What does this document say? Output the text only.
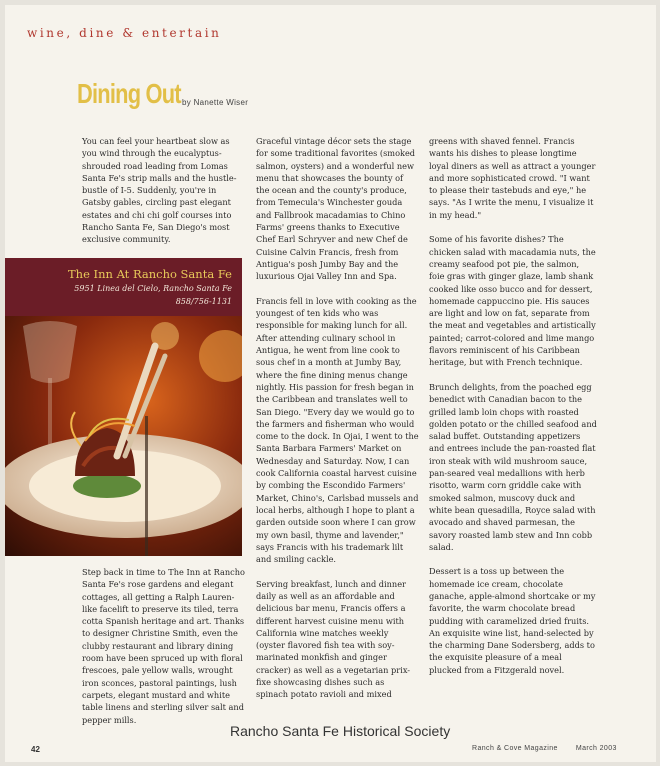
wine, dine & entertain
Dining Out by Nanette Wiser

You can feel your heartbeat slow as you wind through the eucalyptus-shrouded road leading from Lomas Santa Fe's strip malls and the hustle-bustle of I-5. Suddenly, you're in Gatsby gables, circling past elegant estates and chi chi golf courses into Rancho Santa Fe, San Diego's most exclusive community.

The Inn At Rancho Santa Fe
5951 Linea del Cielo, Rancho Santa Fe
858/756-1131

Step back in time to The Inn at Rancho Santa Fe's rose gardens and elegant cottages, all getting a Ralph Lauren-like facelift to preserve its tiled, terra cotta Spanish heritage and art. Thanks to designer Christine Smith, even the clubby restaurant and library dining room have been spruced up with floral frescoes, pale yellow walls, wrought iron sconces, pastoral paintings, lush carpets, elegant mustard and white table linens and sterling silver salt and pepper mills.

Graceful vintage décor sets the stage for some traditional favorites (smoked salmon, oysters) and a wonderful new menu that showcases the bounty of the ocean and the county's produce, from Temecula's Winchester gouda and Fallbrook macadamias to Chino Farms' greens thanks to Executive Chef Earl Schryver and new Chef de Cuisine Calvin Francis, fresh from Antigua's posh Jumby Bay and the luxurious Ojai Valley Inn and Spa.

Francis fell in love with cooking as the youngest of ten kids who was responsible for making lunch for all. After attending culinary school in Antigua, he went from line cook to sous chef in a month at Jumby Bay, where the fine dining menus change nightly. His passion for fresh began in the Caribbean and translates well to San Diego. "Every day we would go to the farmers and fisherman who would come to the dock. In Ojai, I went to the Santa Barbara Farmers' Market on Wednesday and Saturday. Now, I can cook California coastal harvest cuisine by combing the Escondido Farmers' Market, Chino's, Carlsbad mussels and local herbs, although I hope to plant a garden outside soon where I can grow my own basil, thyme and lavender," says Francis with his trademark lilt and smiling cackle.

Serving breakfast, lunch and dinner daily as well as an affordable and delicious bar menu, Francis offers a different harvest cuisine menu with California wine matches weekly (oyster flavored fish tea with soy-marinated monkfish and ginger cracker) as well as a vegetarian prix-fixe showcasing dishes such as spinach potato ravioli and mixed

greens with shaved fennel. Francis wants his dishes to please longtime loyal diners as well as attract a younger and more sophisticated crowd. "I want to please their tastebuds and eye," he says. "As I write the menu, I visualize it in my head."

Some of his favorite dishes? The chicken salad with macadamia nuts, the creamy seafood pot pie, the salmon, foie gras with ginger glaze, lamb shank cooked like osso bucco and for dessert, homemade cappuccino pie. His sauces are light and low on fat, separate from the meat and vegetables and artistically painted; carrot-colored and lime mango flavors reminiscent of his Caribbean heritage, but with French technique.

Brunch delights, from the poached egg benedict with Canadian bacon to the grilled lamb loin chops with roasted golden potato or the chilled seafood and salad buffet. Outstanding appetizers and entrees include the pan-roasted flat iron steak with wild mushroom sauce, pan-seared veal medallions with herb risotto, warm corn griddle cake with smoked salmon, muscovy duck and white bean quesadilla, Royce salad with avocado and shaved parmesan, the savory roasted lamb stew and Inn cobb salad.

Dessert is a toss up between the homemade ice cream, chocolate ganache, apple-almond shortcake or my favorite, the warm chocolate bread pudding with caramelized dried fruits. An exquisite wine list, hand-selected by the charming Dane Sodersberg, adds to the exquisite pleasure of a meal plucked from a Fitzgerald novel.

42	Ranch & Cove Magazine	March 2003
Rancho Santa Fe Historical Society
